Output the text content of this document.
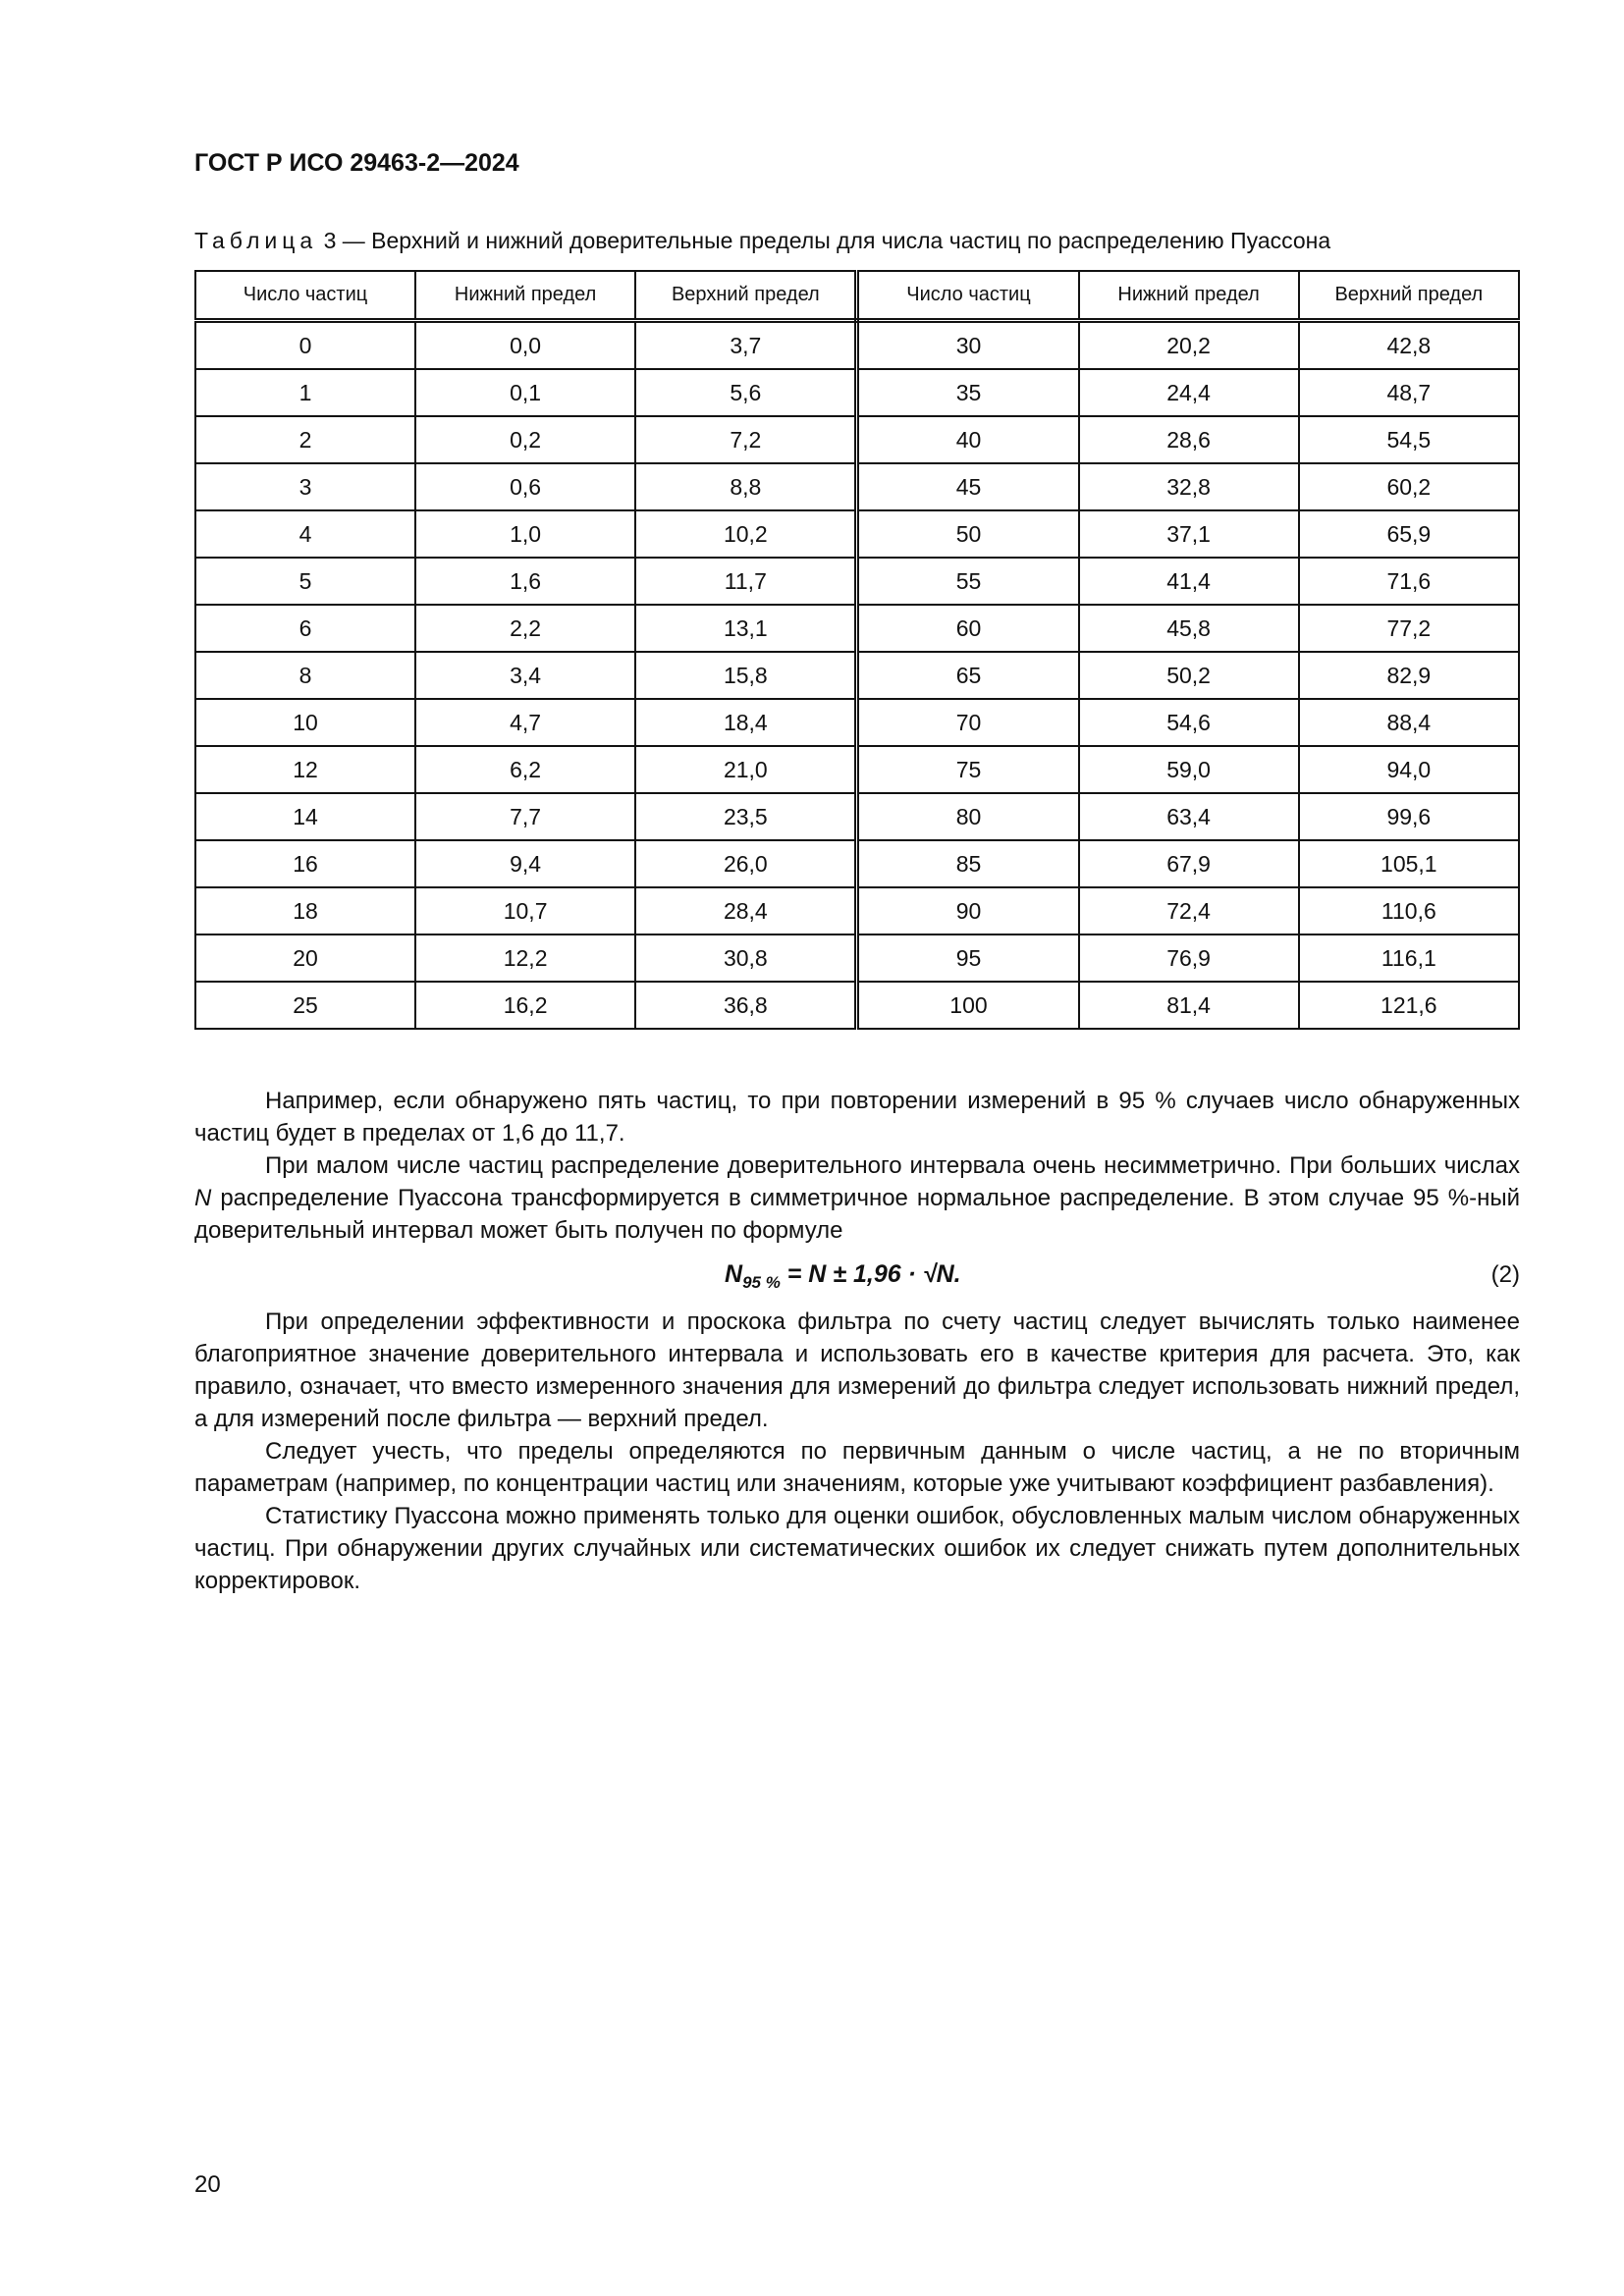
ГОСТ Р ИСО 29463-2—2024
Таблица 3 — Верхний и нижний доверительные пределы для числа частиц по распределению Пуассона
Число частиц	Нижний предел	Верхний предел	Число частиц	Нижний предел	Верхний предел
0	0,0	3,7	30	20,2	42,8
1	0,1	5,6	35	24,4	48,7
2	0,2	7,2	40	28,6	54,5
3	0,6	8,8	45	32,8	60,2
4	1,0	10,2	50	37,1	65,9
5	1,6	11,7	55	41,4	71,6
6	2,2	13,1	60	45,8	77,2
8	3,4	15,8	65	50,2	82,9
10	4,7	18,4	70	54,6	88,4
12	6,2	21,0	75	59,0	94,0
14	7,7	23,5	80	63,4	99,6
16	9,4	26,0	85	67,9	105,1
18	10,7	28,4	90	72,4	110,6
20	12,2	30,8	95	76,9	116,1
25	16,2	36,8	100	81,4	121,6

Например, если обнаружено пять частиц, то при повторении измерений в 95 % случаев число обнаруженных частиц будет в пределах от 1,6 до 11,7.

При малом числе частиц распределение доверительного интервала очень несимметрично. При больших числах N распределение Пуассона трансформируется в симметричное нормальное распределение. В этом случае 95 %-ный доверительный интервал может быть получен по формуле

$N_{95 \%} = N \pm 1,96 \cdot √N$.	(2)

При определении эффективности и проскока фильтра по счету частиц следует вычислять только наименее благоприятное значение доверительного интервала и использовать его в качестве критерия для расчета. Это, как правило, означает, что вместо измеренного значения для измерений до фильтра следует использовать нижний предел, а для измерений после фильтра — верхний предел.

Следует учесть, что пределы определяются по первичным данным о числе частиц, а не по вторичным параметрам (например, по концентрации частиц или значениям, которые уже учитывают коэффициент разбавления).

Статистику Пуассона можно применять только для оценки ошибок, обусловленных малым числом обнаруженных частиц. При обнаружении других случайных или систематических ошибок их следует снижать путем дополнительных корректировок.

20
